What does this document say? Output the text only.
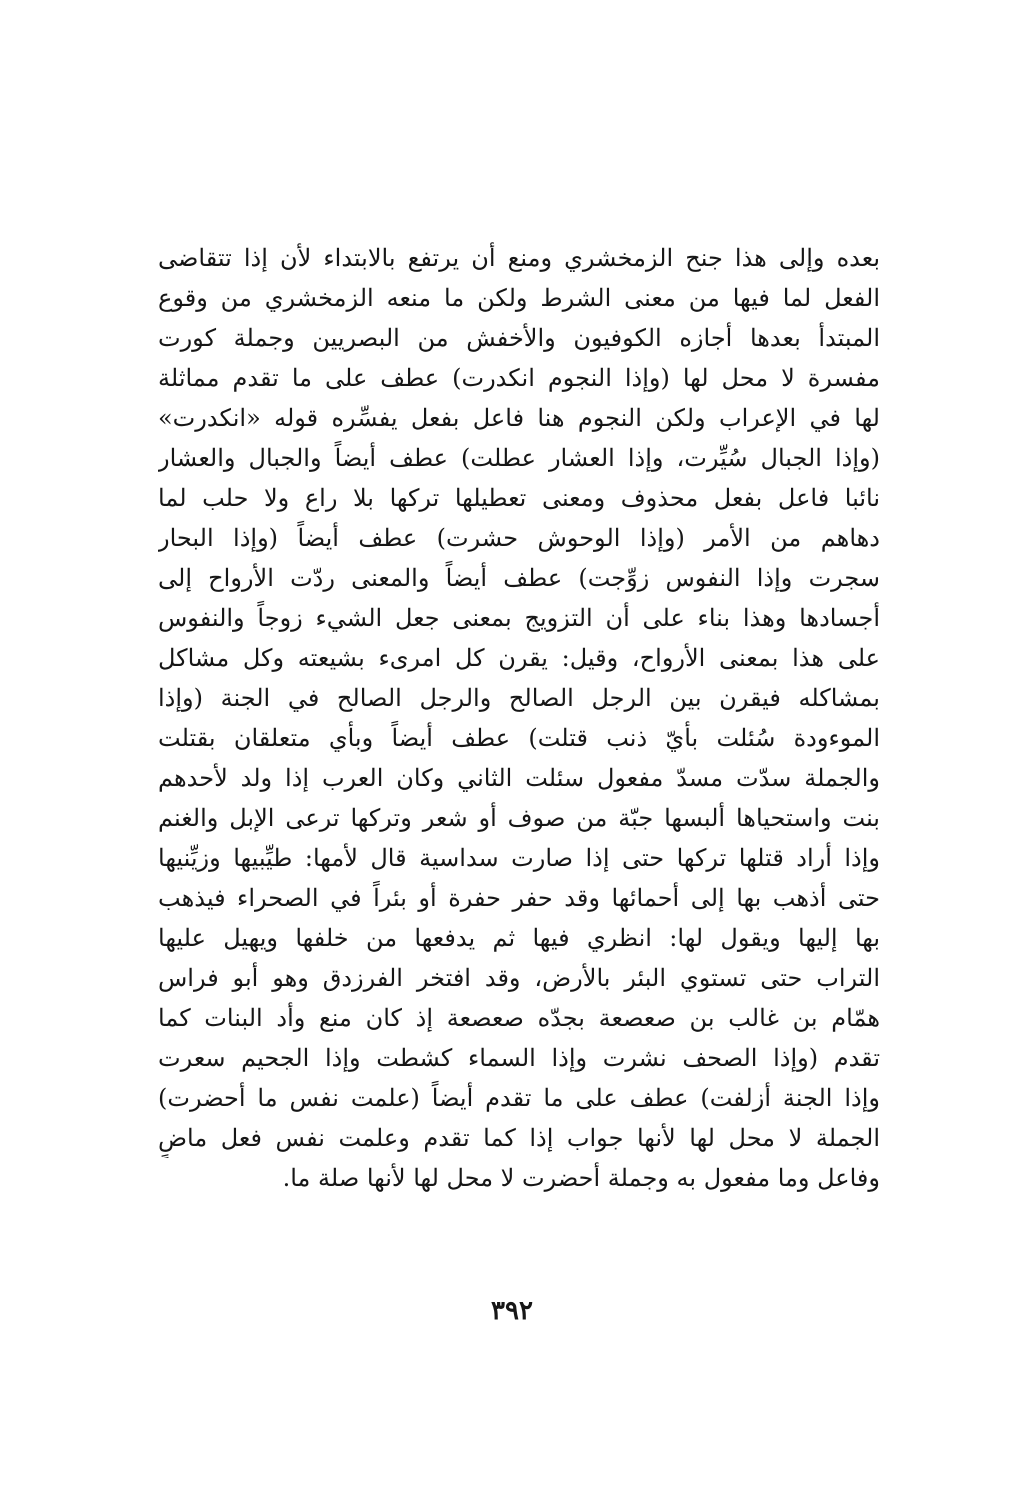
بعده وإلى هذا جنح الزمخشري ومنع أن يرتفع بالابتداء لأن إذا تتقاضى
الفعل لما فيها من معنى الشرط ولكن ما منعه الزمخشري من وقوع
المبتدأ بعدها أجازه الكوفيون والأخفش من البصريين وجملة كورت
مفسرة لا محل لها (وإذا النجوم انكدرت) عطف على ما تقدم مماثلة
لها في الإعراب ولكن النجوم هنا فاعل بفعل يفسِّره قوله «انكدرت»
(وإذا الجبال سُيِّرت، وإذا العشار عطلت) عطف أيضاً والجبال والعشار
نائبا فاعل بفعل محذوف ومعنى تعطيلها تركها بلا راع ولا حلب لما
دهاهم من الأمر (وإذا الوحوش حشرت) عطف أيضاً (وإذا البحار
سجرت وإذا النفوس زوِّجت) عطف أيضاً والمعنى ردّت الأرواح إلى
أجسادها وهذا بناء على أن التزويج بمعنى جعل الشيء زوجاً والنفوس
على هذا بمعنى الأرواح، وقيل: يقرن كل امرىء بشيعته وكل مشاكل
بمشاكله فيقرن بين الرجل الصالح والرجل الصالح في الجنة (وإذا
الموءودة سُئلت بأيّ ذنب قتلت) عطف أيضاً وبأي متعلقان بقتلت
والجملة سدّت مسدّ مفعول سئلت الثاني وكان العرب إذا ولد لأحدهم
بنت واستحياها ألبسها جبّة من صوف أو شعر وتركها ترعى الإبل والغنم
وإذا أراد قتلها تركها حتى إذا صارت سداسية قال لأمها: طيِّبيها وزيِّنيها
حتى أذهب بها إلى أحمائها وقد حفر حفرة أو بئراً في الصحراء فيذهب
بها إليها ويقول لها: انظري فيها ثم يدفعها من خلفها ويهيل عليها
التراب حتى تستوي البئر بالأرض، وقد افتخر الفرزدق وهو أبو فراس
همّام بن غالب بن صعصعة بجدّه صعصعة إذ كان منع وأد البنات كما
تقدم (وإذا الصحف نشرت وإذا السماء كشطت وإذا الجحيم سعرت
وإذا الجنة أزلفت) عطف على ما تقدم أيضاً (علمت نفس ما أحضرت)
الجملة لا محل لها لأنها جواب إذا كما تقدم وعلمت نفس فعل ماضٍ
وفاعل وما مفعول به وجملة أحضرت لا محل لها لأنها صلة ما.
٣٩٢
